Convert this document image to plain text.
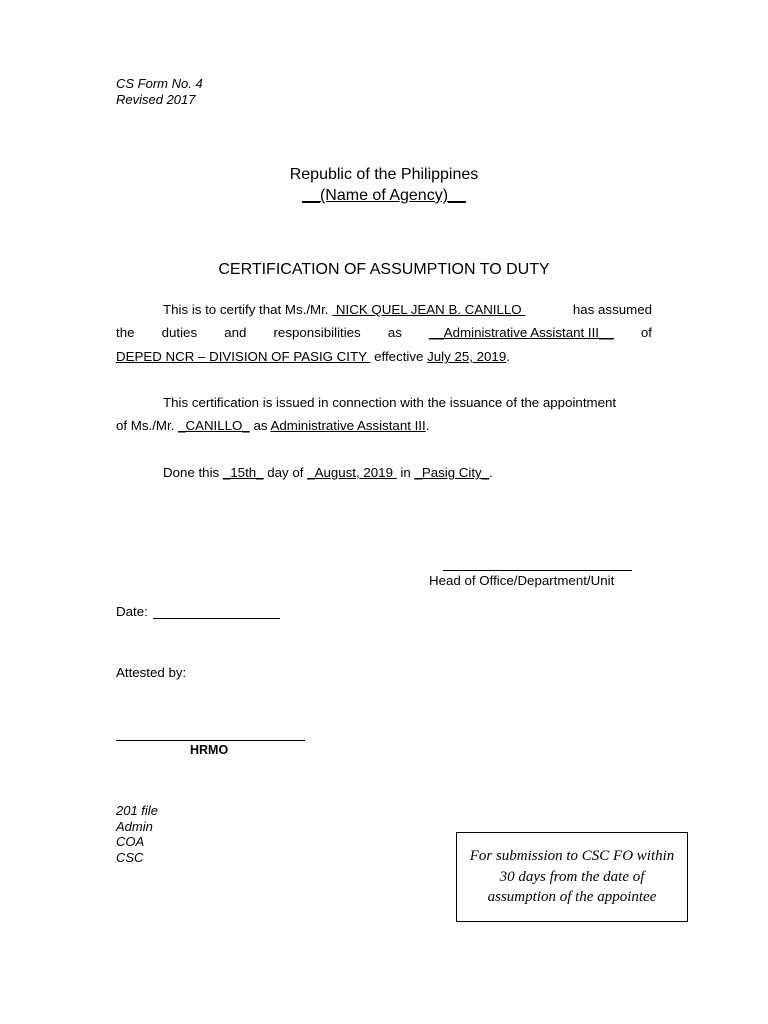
CS Form No. 4
Revised 2017
Republic of the Philippines
__(Name of Agency)__
CERTIFICATION OF ASSUMPTION TO DUTY
This is to certify that Ms./Mr.  NICK QUEL JEAN B. CANILLO	has assumed
the duties and responsibilities as __Administrative Assistant III__ of
DEPED NCR – DIVISION OF PASIG CITY  effective July 25, 2019.
This certification is issued in connection with the issuance of the appointment
of Ms./Mr. _CANILLO_ as Administrative Assistant III.
Done this _15th_ day of _August, 2019  in _Pasig City_.
Head of Office/Department/Unit
Date:
Attested by:
HRMO
201 file
Admin
COA
CSC	For submission to CSC FO within 30 days from the date of assumption of the appointee
